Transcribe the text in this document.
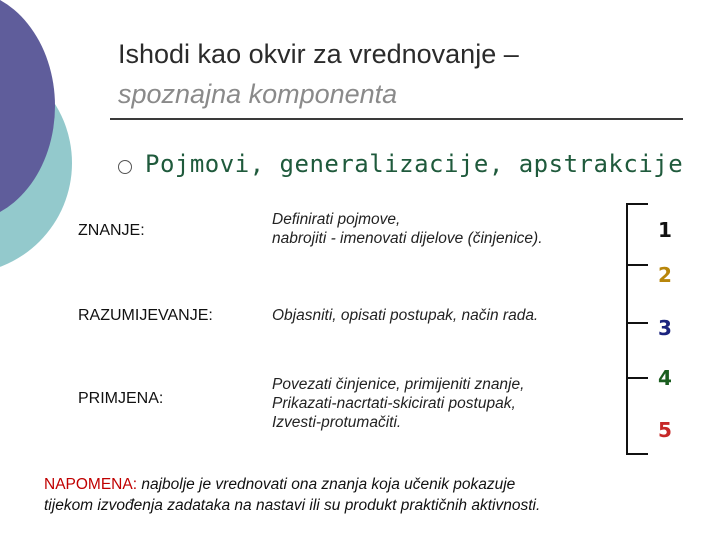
Ishodi kao okvir za vrednovanje –
spoznajna komponenta
Pojmovi, generalizacije, apstrakcije
ZNANJE:
Definirati pojmove,
nabrojiti - imenovati dijelove (činjenice).
RAZUMIJEVANJE:	Objasniti, opisati postupak, način rada.
PRIMJENA:
Povezati činjenice, primijeniti znanje,
Prikazati-nacrtati-skicirati postupak,
Izvesti-protumačiti.
1
2
3
4
5
NAPOMENA: najbolje je vrednovati ona znanja koja učenik pokazuje
tijekom izvođenja zadataka na nastavi ili su produkt praktičnih aktivnosti.
